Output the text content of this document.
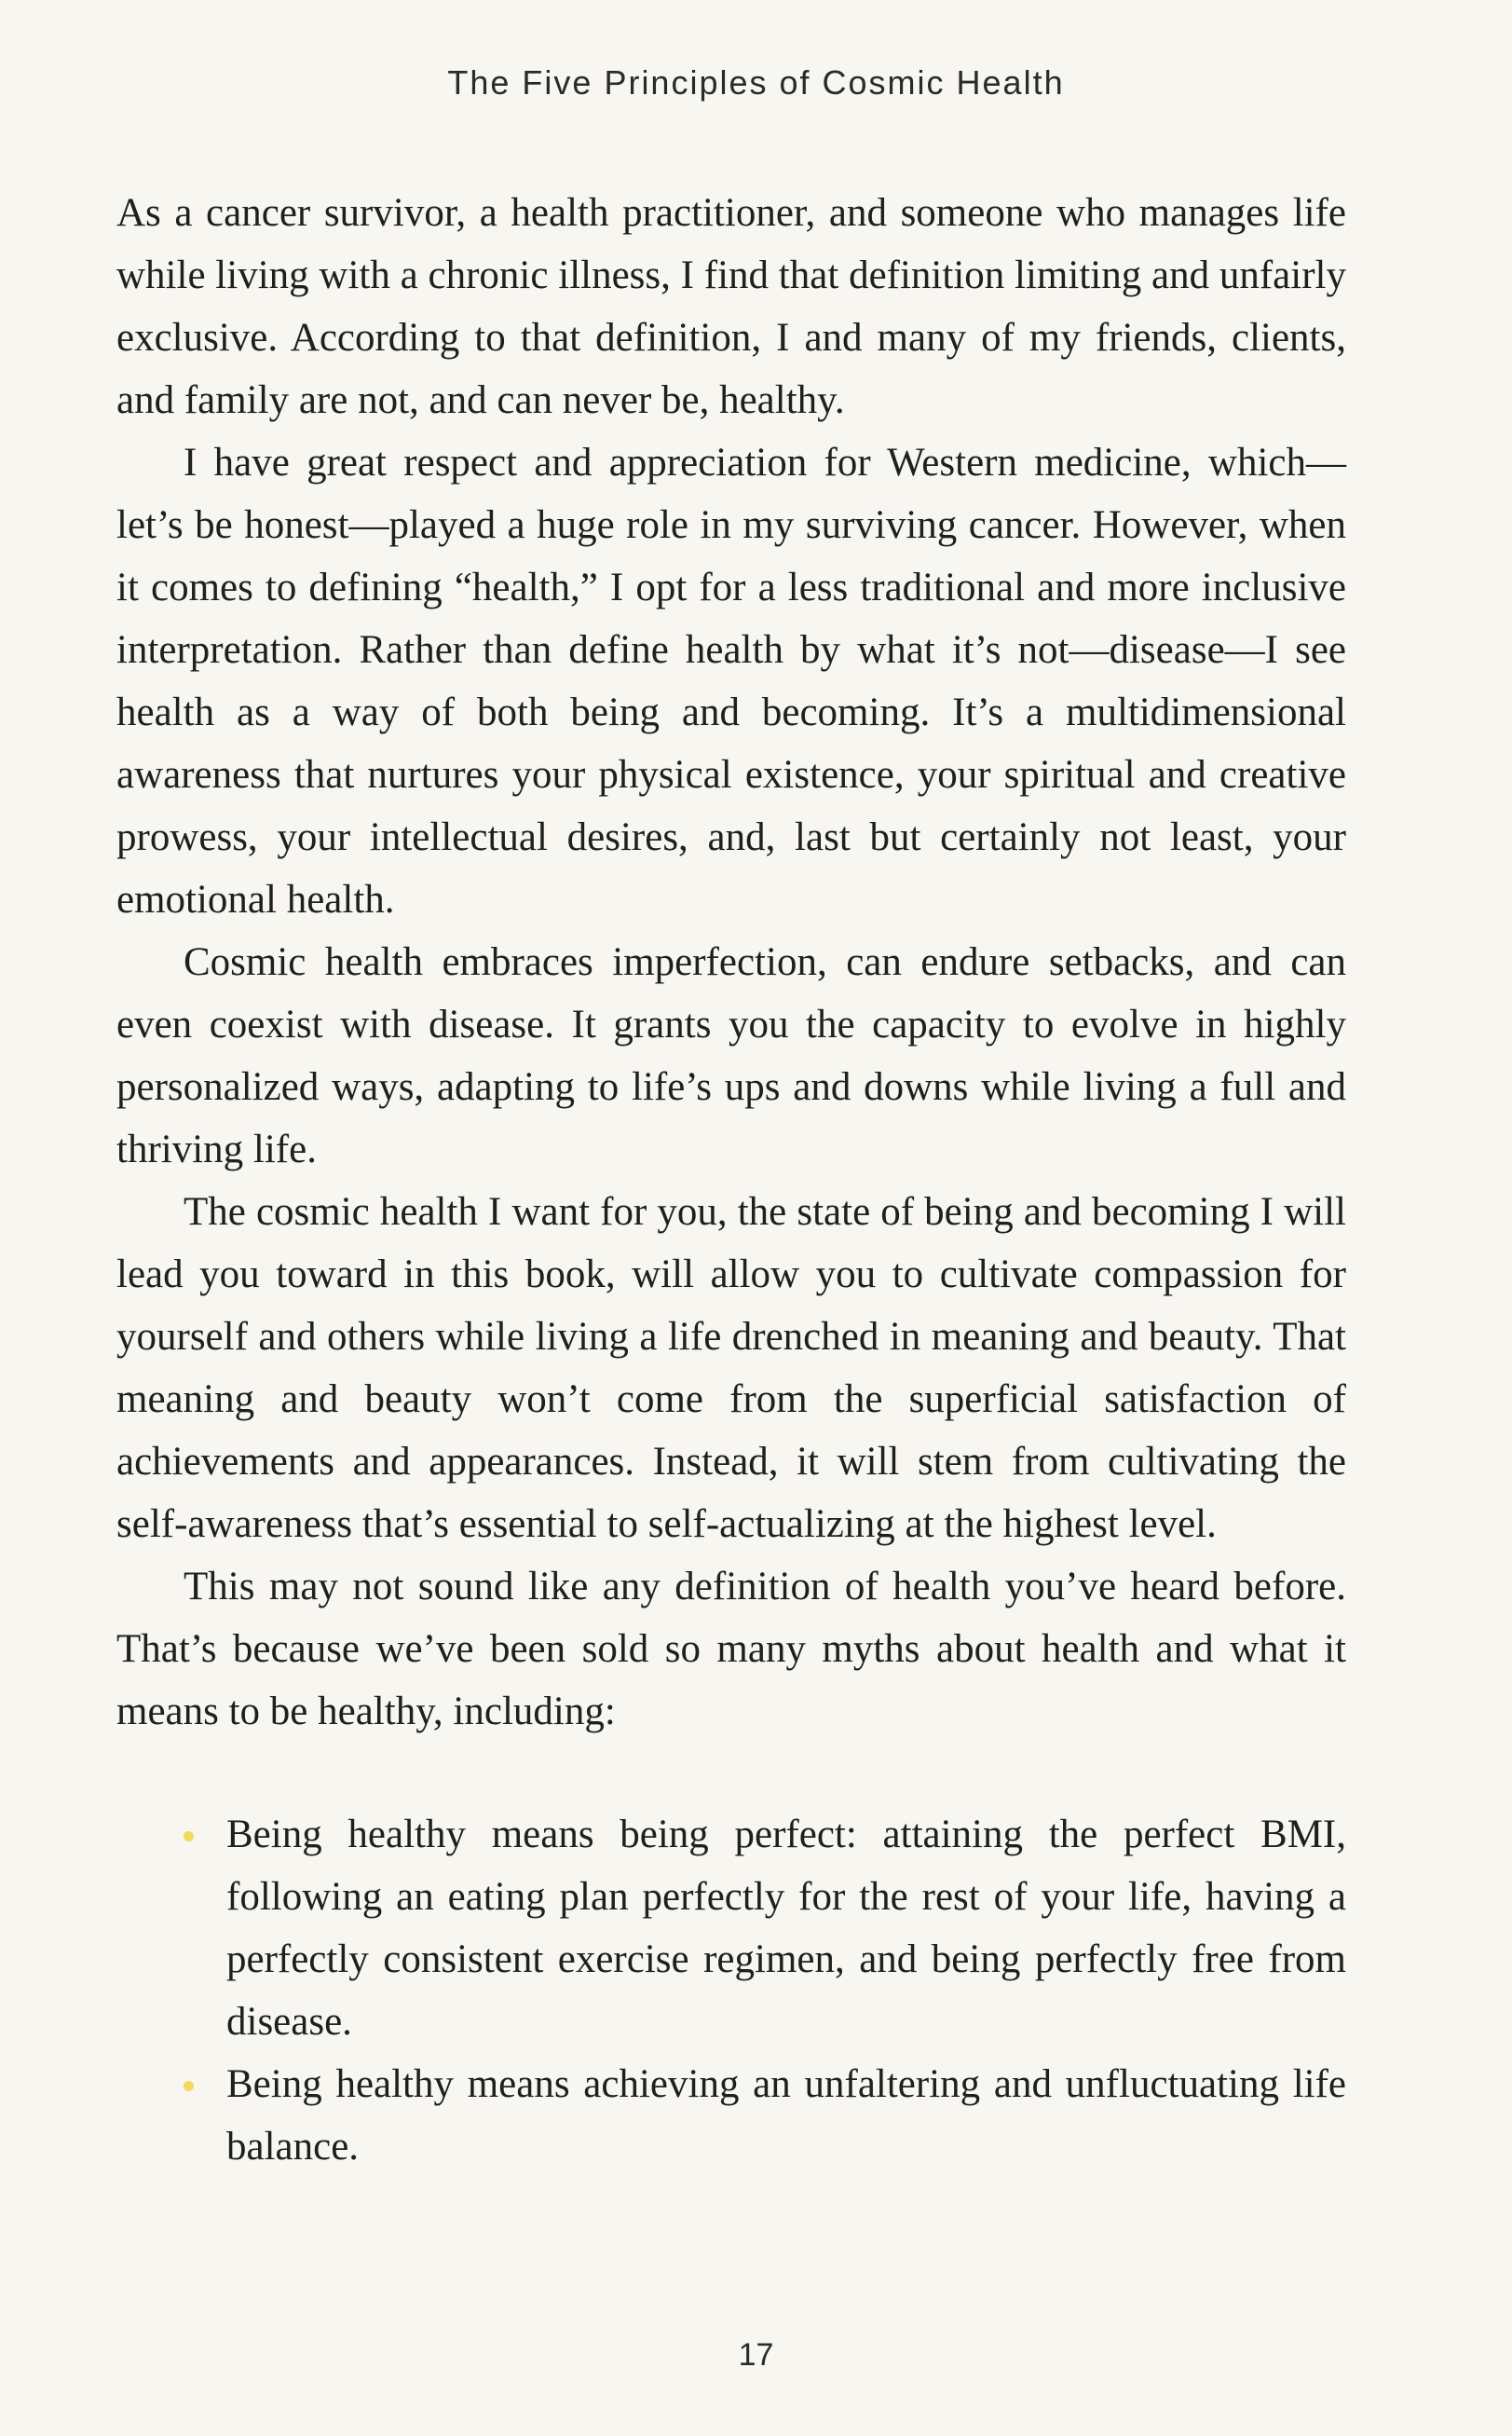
The Five Principles of Cosmic Health

As a cancer survivor, a health practitioner, and someone who manages life while living with a chronic illness, I find that definition limiting and unfairly exclusive. According to that definition, I and many of my friends, clients, and family are not, and can never be, healthy.

I have great respect and appreciation for Western medicine, which—let’s be honest—played a huge role in my surviving cancer. However, when it comes to defining “health,” I opt for a less traditional and more inclusive interpretation. Rather than define health by what it’s not—disease—I see health as a way of both being and becoming. It’s a multidimensional awareness that nurtures your physical existence, your spiritual and creative prowess, your intellectual desires, and, last but certainly not least, your emotional health.

Cosmic health embraces imperfection, can endure setbacks, and can even coexist with disease. It grants you the capacity to evolve in highly personalized ways, adapting to life’s ups and downs while living a full and thriving life.

The cosmic health I want for you, the state of being and becoming I will lead you toward in this book, will allow you to cultivate compassion for yourself and others while living a life drenched in meaning and beauty. That meaning and beauty won’t come from the superficial satisfaction of achievements and appearances. Instead, it will stem from cultivating the self-awareness that’s essential to self-actualizing at the highest level.

This may not sound like any definition of health you’ve heard before. That’s because we’ve been sold so many myths about health and what it means to be healthy, including:

Being healthy means being perfect: attaining the perfect BMI, following an eating plan perfectly for the rest of your life, having a perfectly consistent exercise regimen, and being perfectly free from disease.
Being healthy means achieving an unfaltering and unfluctuating life balance.
17
